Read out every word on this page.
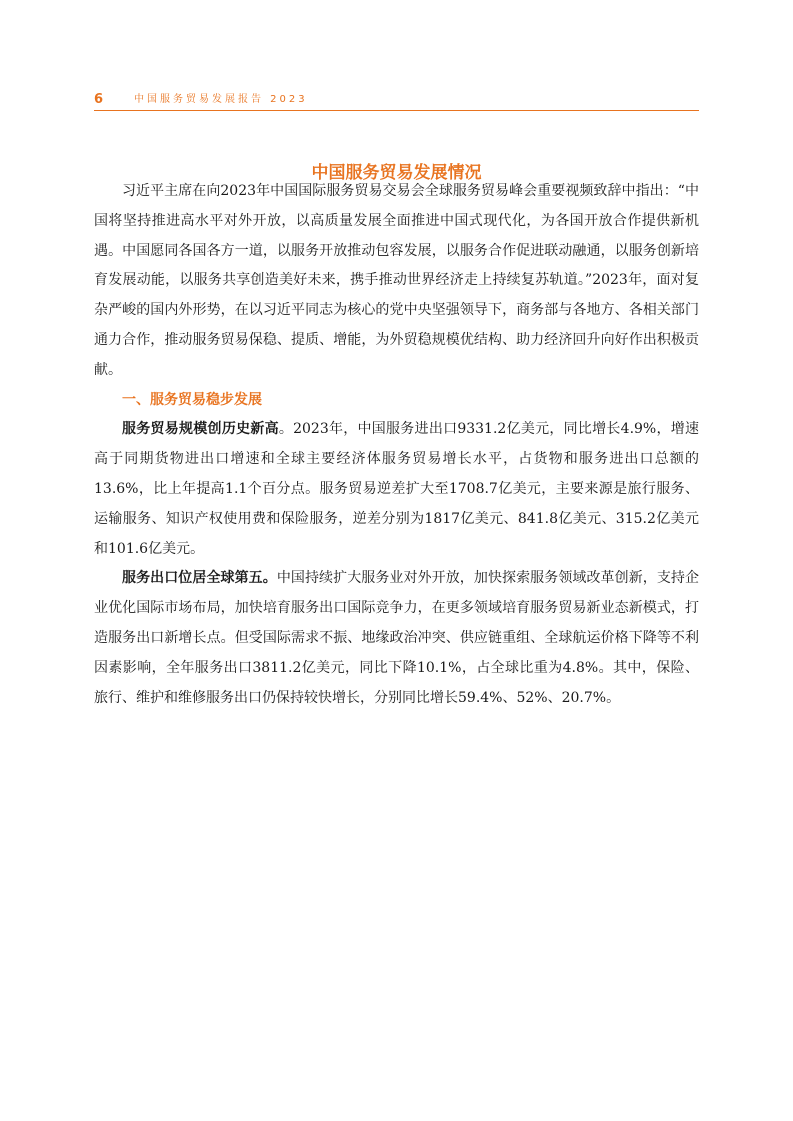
6	中国服务贸易发展报告 2023
中国服务贸易发展情况

习近平主席在向2023年中国国际服务贸易交易会全球服务贸易峰会重要视频致辞中指出：“中国将坚持推进高水平对外开放，以高质量发展全面推进中国式现代化，为各国开放合作提供新机遇。中国愿同各国各方一道，以服务开放推动包容发展，以服务合作促进联动融通，以服务创新培育发展动能，以服务共享创造美好未来，携手推动世界经济走上持续复苏轨道。”2023年，面对复杂严峻的国内外形势，在以习近平同志为核心的党中央坚强领导下，商务部与各地方、各相关部门通力合作，推动服务贸易保稳、提质、增能，为外贸稳规模优结构、助力经济回升向好作出积极贡献。

一、服务贸易稳步发展

服务贸易规模创历史新高。2023年，中国服务进出口9331.2亿美元，同比增长4.9%，增速高于同期货物进出口增速和全球主要经济体服务贸易增长水平，占货物和服务进出口总额的13.6%，比上年提高1.1个百分点。服务贸易逆差扩大至1708.7亿美元，主要来源是旅行服务、运输服务、知识产权使用费和保险服务，逆差分别为1817亿美元、841.8亿美元、315.2亿美元和101.6亿美元。

服务出口位居全球第五。中国持续扩大服务业对外开放，加快探索服务领域改革创新，支持企业优化国际市场布局，加快培育服务出口国际竞争力，在更多领域培育服务贸易新业态新模式，打造服务出口新增长点。但受国际需求不振、地缘政治冲突、供应链重组、全球航运价格下降等不利因素影响，全年服务出口3811.2亿美元，同比下降10.1%，占全球比重为4.8%。其中，保险、旅行、维护和维修服务出口仍保持较快增长，分别同比增长59.4%、52%、20.7%。
